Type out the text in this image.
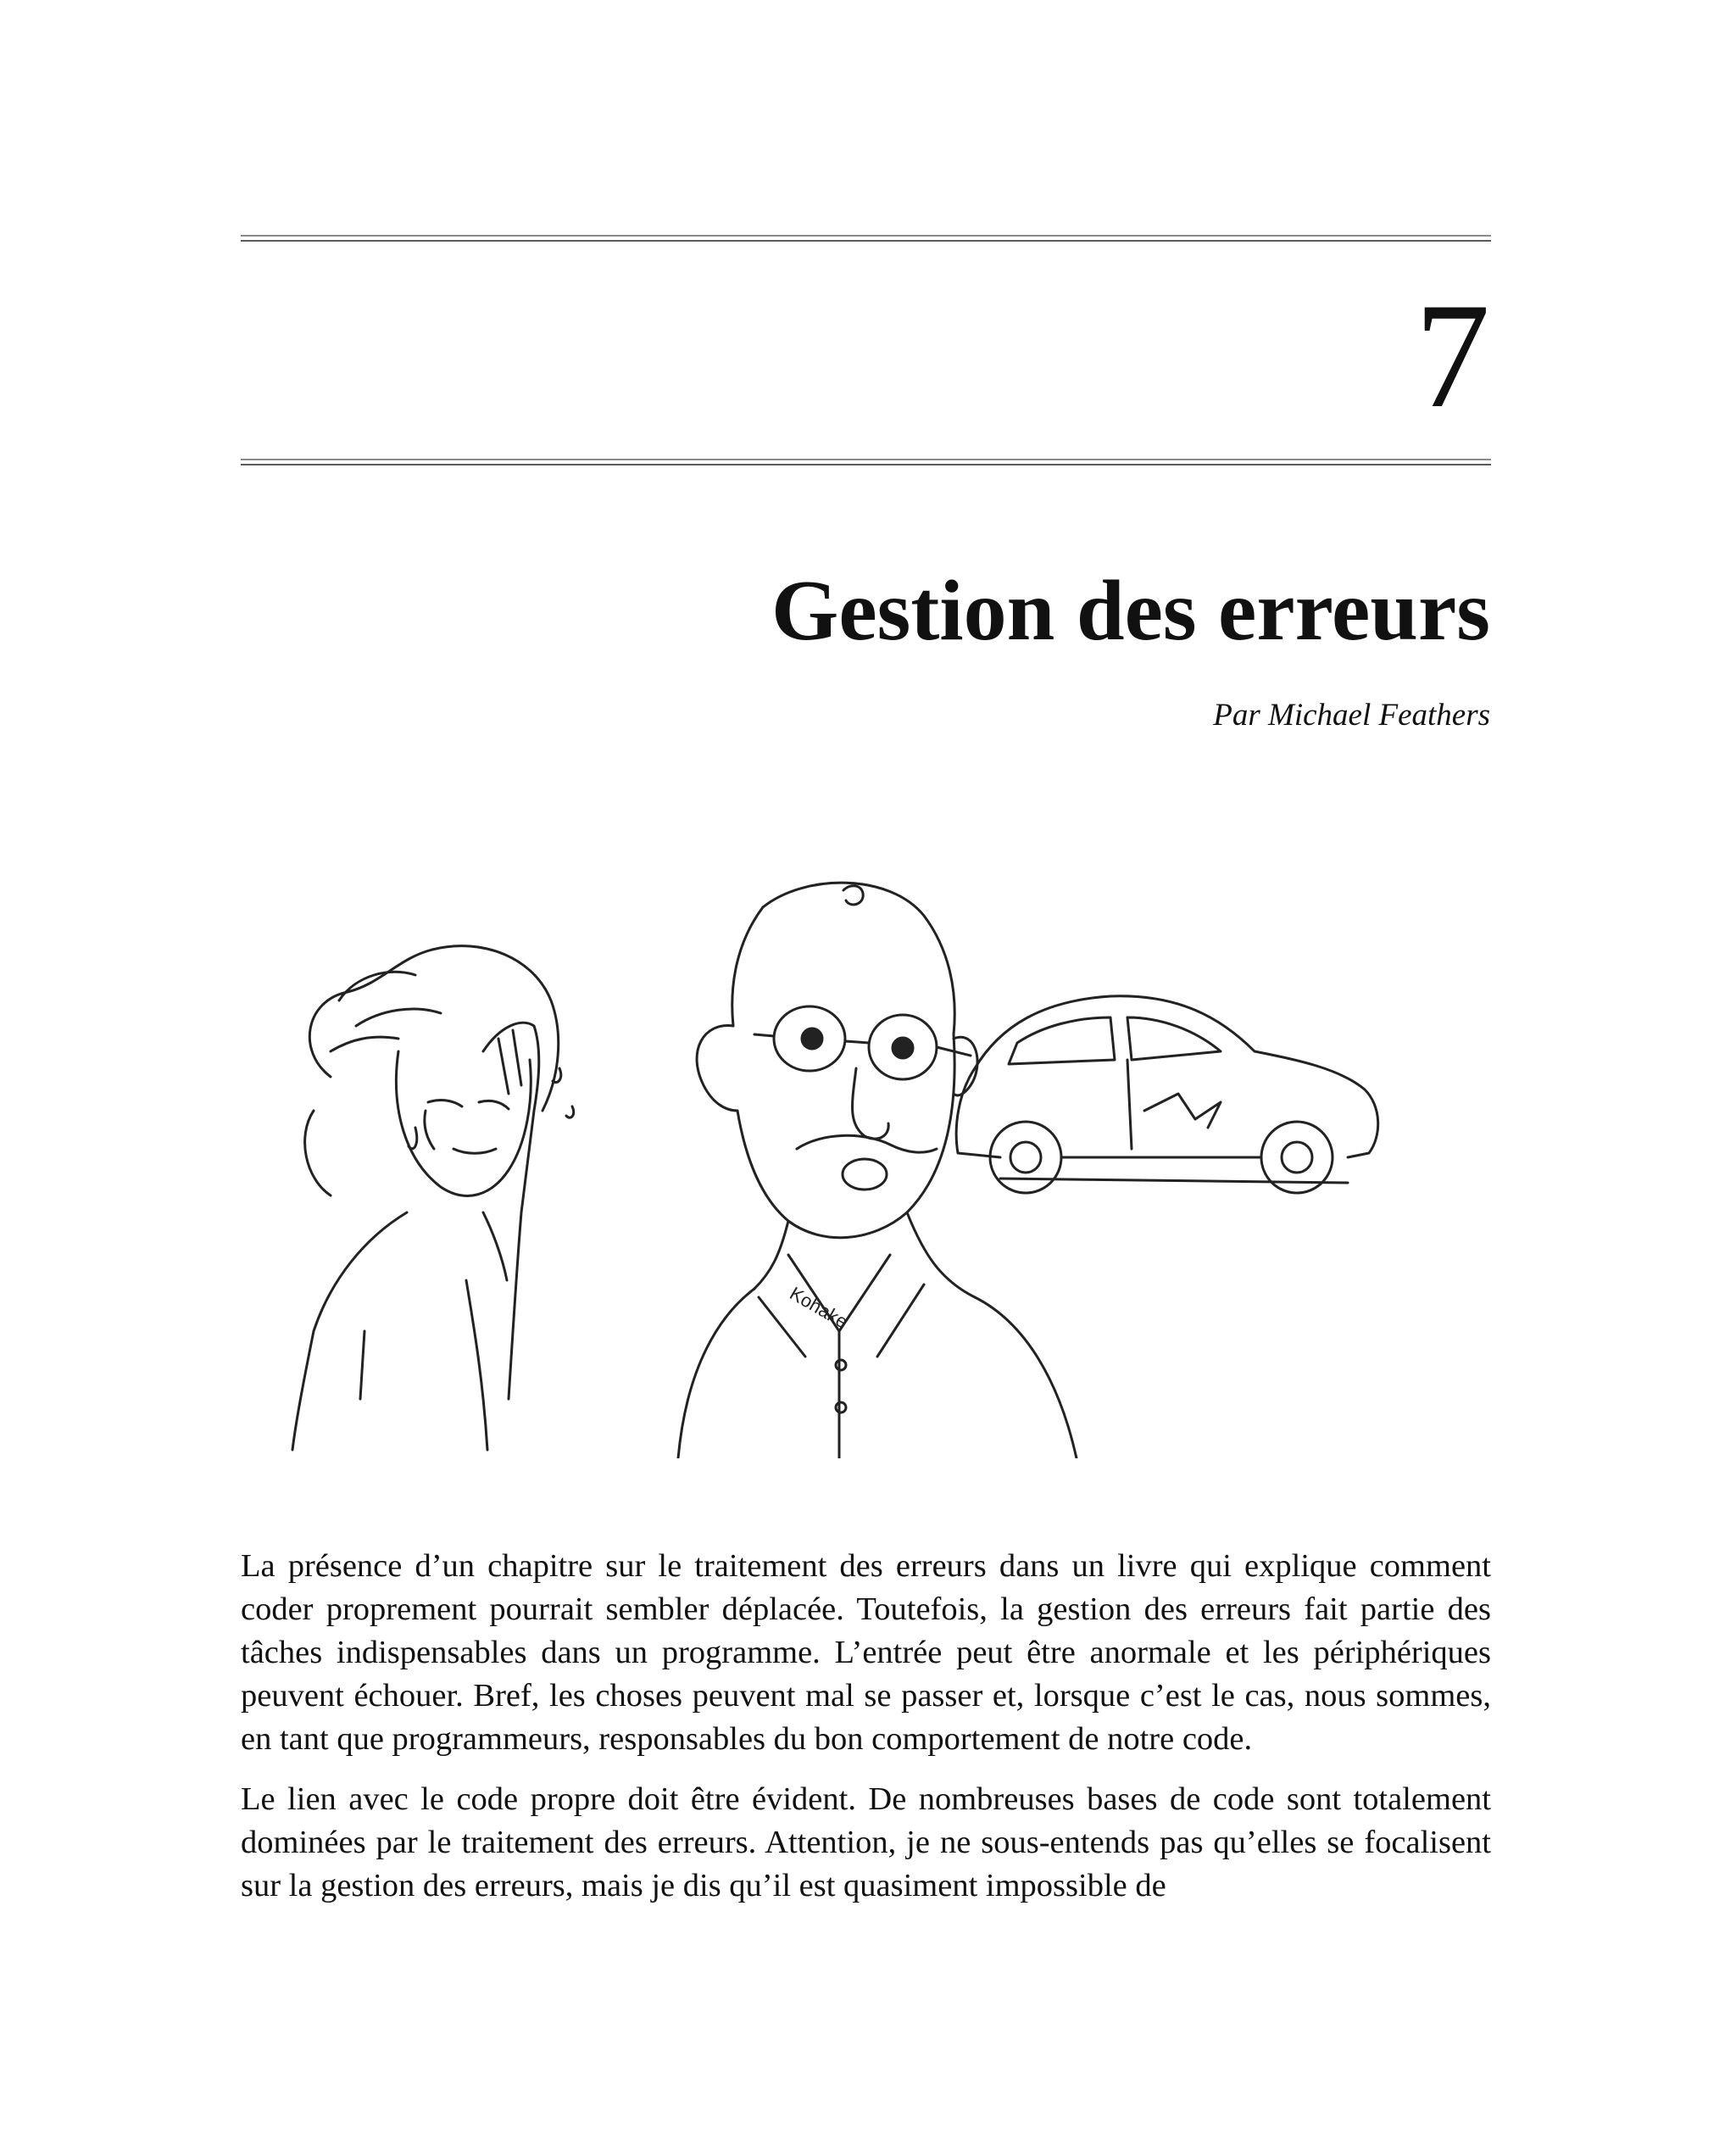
7
Gestion des erreurs
Par Michael Feathers
Kohake

La présence d’un chapitre sur le traitement des erreurs dans un livre qui explique comment coder proprement pourrait sembler déplacée. Toutefois, la gestion des erreurs fait partie des tâches indispensables dans un programme. L’entrée peut être anormale et les périphériques peuvent échouer. Bref, les choses peuvent mal se passer et, lorsque c’est le cas, nous sommes, en tant que programmeurs, responsables du bon comportement de notre code.

Le lien avec le code propre doit être évident. De nombreuses bases de code sont totalement dominées par le traitement des erreurs. Attention, je ne sous-entends pas qu’elles se focalisent sur la gestion des erreurs, mais je dis qu’il est quasiment impossible de
